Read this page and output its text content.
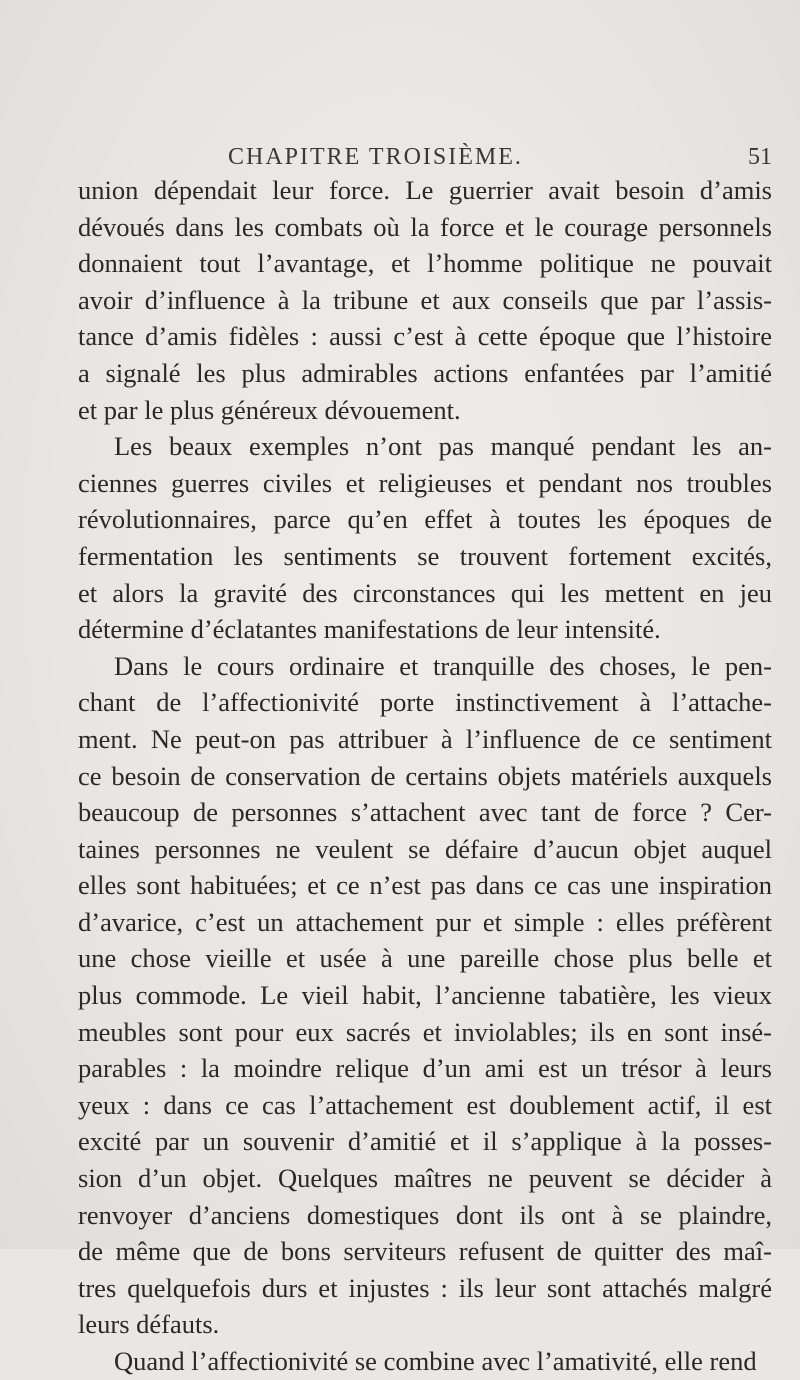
CHAPITRE TROISIÈME.	51
union dépendait leur force. Le guerrier avait besoin d’amis
dévoués dans les combats où la force et le courage personnels
donnaient tout l’avantage, et l’homme politique ne pouvait
avoir d’influence à la tribune et aux conseils que par l’assis-
tance d’amis fidèles : aussi c’est à cette époque que l’histoire
a signalé les plus admirables actions enfantées par l’amitié
et par le plus généreux dévouement.
Les beaux exemples n’ont pas manqué pendant les an-
ciennes guerres civiles et religieuses et pendant nos troubles
révolutionnaires, parce qu’en effet à toutes les époques de
fermentation les sentiments se trouvent fortement excités,
et alors la gravité des circonstances qui les mettent en jeu
détermine d’éclatantes manifestations de leur intensité.
Dans le cours ordinaire et tranquille des choses, le pen-
chant de l’affectionivité porte instinctivement à l’attache-
ment. Ne peut-on pas attribuer à l’influence de ce sentiment
ce besoin de conservation de certains objets matériels auxquels
beaucoup de personnes s’attachent avec tant de force ? Cer-
taines personnes ne veulent se défaire d’aucun objet auquel
elles sont habituées; et ce n’est pas dans ce cas une inspiration
d’avarice, c’est un attachement pur et simple : elles préfèrent
une chose vieille et usée à une pareille chose plus belle et
plus commode. Le vieil habit, l’ancienne tabatière, les vieux
meubles sont pour eux sacrés et inviolables; ils en sont insé-
parables : la moindre relique d’un ami est un trésor à leurs
yeux : dans ce cas l’attachement est doublement actif, il est
excité par un souvenir d’amitié et il s’applique à la posses-
sion d’un objet. Quelques maîtres ne peuvent se décider à
renvoyer d’anciens domestiques dont ils ont à se plaindre,
de même que de bons serviteurs refusent de quitter des maî-
tres quelquefois durs et injustes : ils leur sont attachés malgré
leurs défauts.
Quand l’affectionivité se combine avec l’amativité, elle rend
